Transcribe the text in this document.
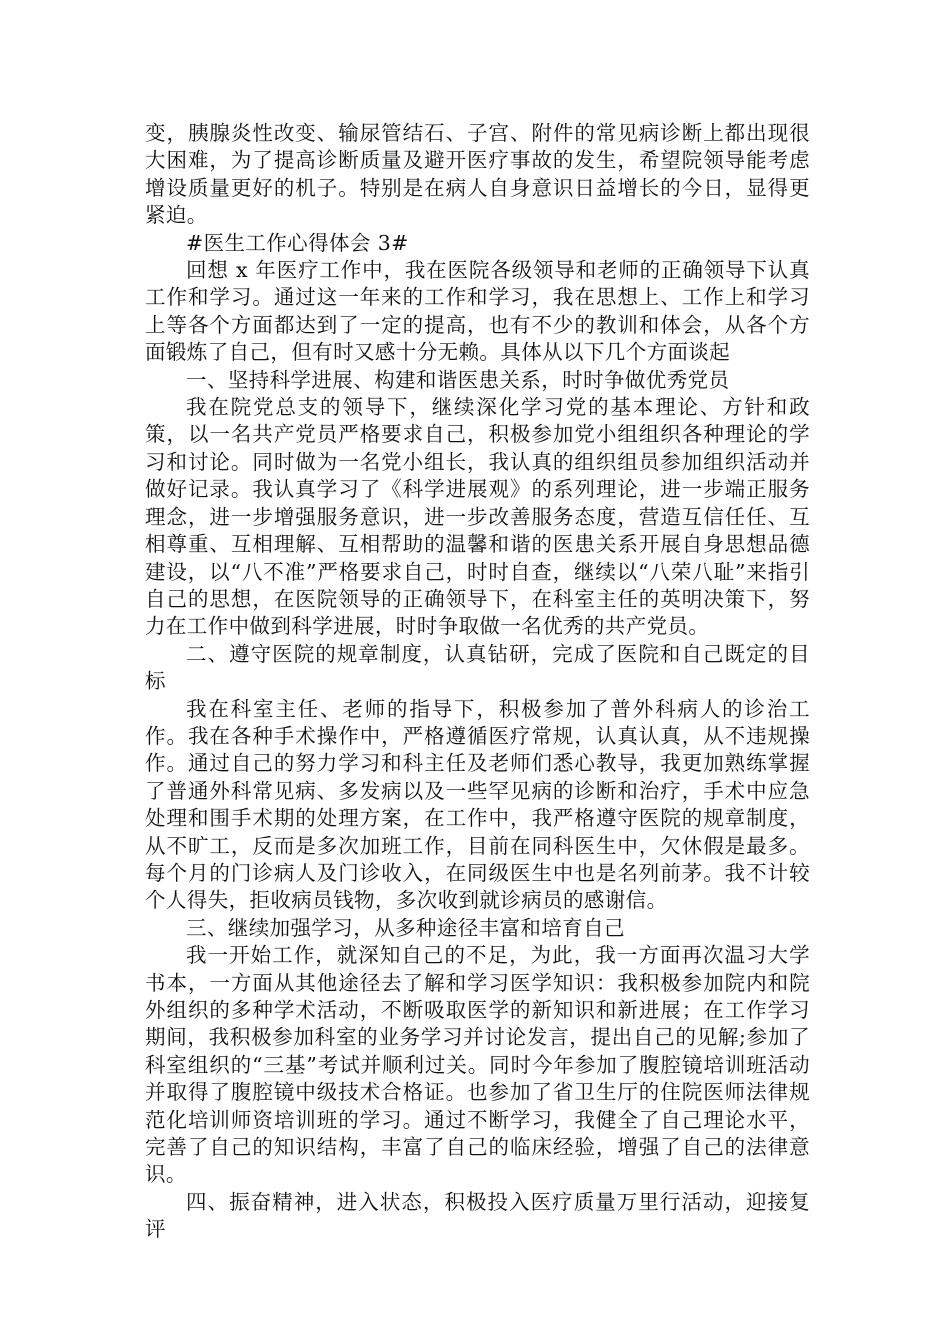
变，胰腺炎性改变、输尿管结石、子宫、附件的常见病诊断上都出现很大困难，为了提高诊断质量及避开医疗事故的发生，希望院领导能考虑增设质量更好的机子。特别是在病人自身意识日益增长的今日，显得更紧迫。

#医生工作心得体会 3#

回想 x 年医疗工作中，我在医院各级领导和老师的正确领导下认真工作和学习。通过这一年来的工作和学习，我在思想上、工作上和学习上等各个方面都达到了一定的提高，也有不少的教训和体会，从各个方面锻炼了自己，但有时又感十分无赖。具体从以下几个方面谈起

一、坚持科学进展、构建和谐医患关系，时时争做优秀党员

我在院党总支的领导下，继续深化学习党的基本理论、方针和政策，以一名共产党员严格要求自己，积极参加党小组组织各种理论的学习和讨论。同时做为一名党小组长，我认真的组织组员参加组织活动并做好记录。我认真学习了《科学进展观》的系列理论，进一步端正服务理念，进一步增强服务意识，进一步改善服务态度，营造互信任任、互相尊重、互相理解、互相帮助的温馨和谐的医患关系开展自身思想品德建设，以“八不准”严格要求自己，时时自查，继续以“八荣八耻”来指引自己的思想，在医院领导的正确领导下，在科室主任的英明决策下，努力在工作中做到科学进展，时时争取做一名优秀的共产党员。

二、遵守医院的规章制度，认真钻研，完成了医院和自己既定的目标

我在科室主任、老师的指导下，积极参加了普外科病人的诊治工作。我在各种手术操作中，严格遵循医疗常规，认真认真，从不违规操作。通过自己的努力学习和科主任及老师们悉心教导，我更加熟练掌握了普通外科常见病、多发病以及一些罕见病的诊断和治疗，手术中应急处理和围手术期的处理方案，在工作中，我严格遵守医院的规章制度，从不旷工，反而是多次加班工作，目前在同科医生中，欠休假是最多。每个月的门诊病人及门诊收入，在同级医生中也是名列前茅。我不计较个人得失，拒收病员钱物，多次收到就诊病员的感谢信。

三、继续加强学习，从多种途径丰富和培育自己

我一开始工作，就深知自己的不足，为此，我一方面再次温习大学书本，一方面从其他途径去了解和学习医学知识：我积极参加院内和院外组织的多种学术活动，不断吸取医学的新知识和新进展；在工作学习期间，我积极参加科室的业务学习并讨论发言，提出自己的见解;参加了科室组织的“三基”考试并顺利过关。同时今年参加了腹腔镜培训班活动并取得了腹腔镜中级技术合格证。也参加了省卫生厅的住院医师法律规范化培训师资培训班的学习。通过不断学习，我健全了自己理论水平，完善了自己的知识结构，丰富了自己的临床经验，增强了自己的法律意识。

四、振奋精神，进入状态，积极投入医疗质量万里行活动，迎接复评
